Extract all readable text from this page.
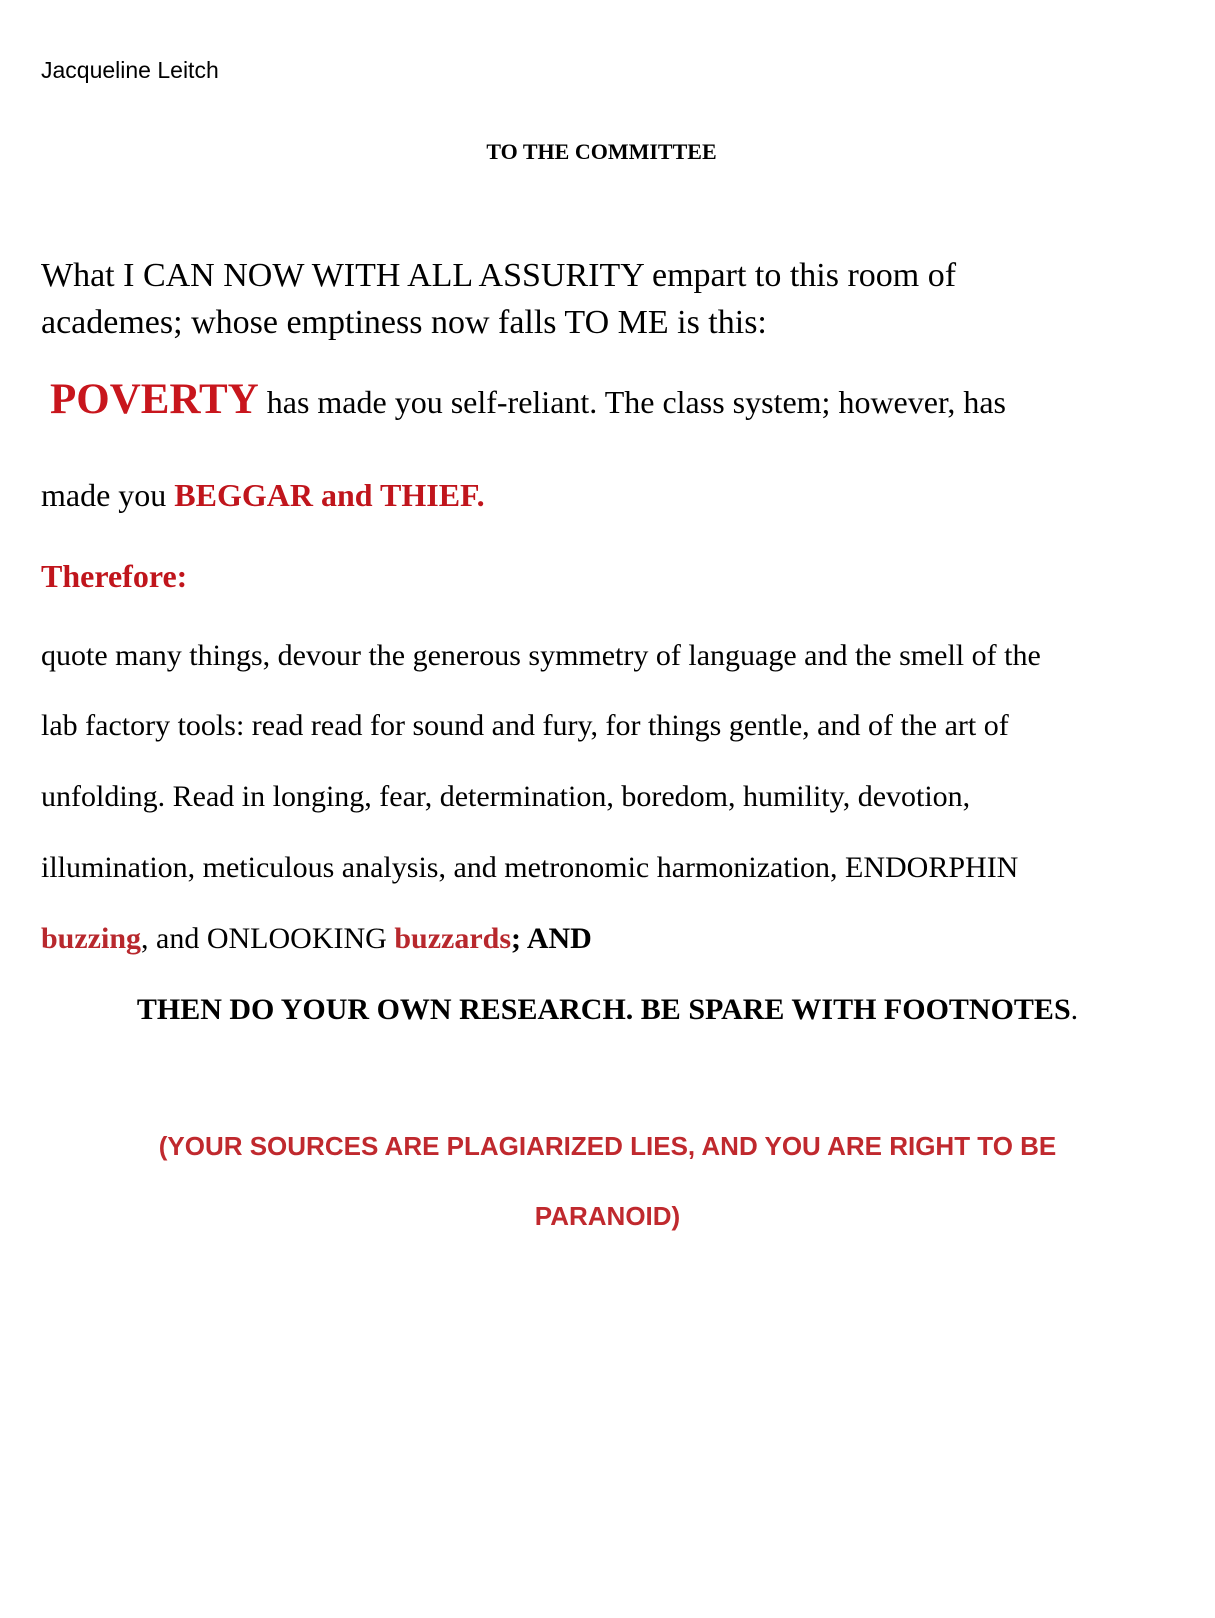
Jacqueline Leitch
TO THE COMMITTEE
What I CAN NOW WITH ALL ASSURITY empart to this room of
academes; whose emptiness now falls TO ME is this:
POVERTY has made you self-reliant. The class system; however, has
made you BEGGAR and THIEF.
Therefore:
quote many things, devour the generous symmetry of language and the smell of the
lab factory tools: read read for sound and fury, for things gentle, and of the art of
unfolding. Read in longing, fear, determination, boredom, humility, devotion,
illumination, meticulous analysis, and metronomic harmonization, ENDORPHIN
buzzing, and ONLOOKING buzzards; AND
THEN DO YOUR OWN RESEARCH. BE SPARE WITH FOOTNOTES.
(YOUR SOURCES ARE PLAGIARIZED LIES, AND YOU ARE RIGHT TO BE
PARANOID)
